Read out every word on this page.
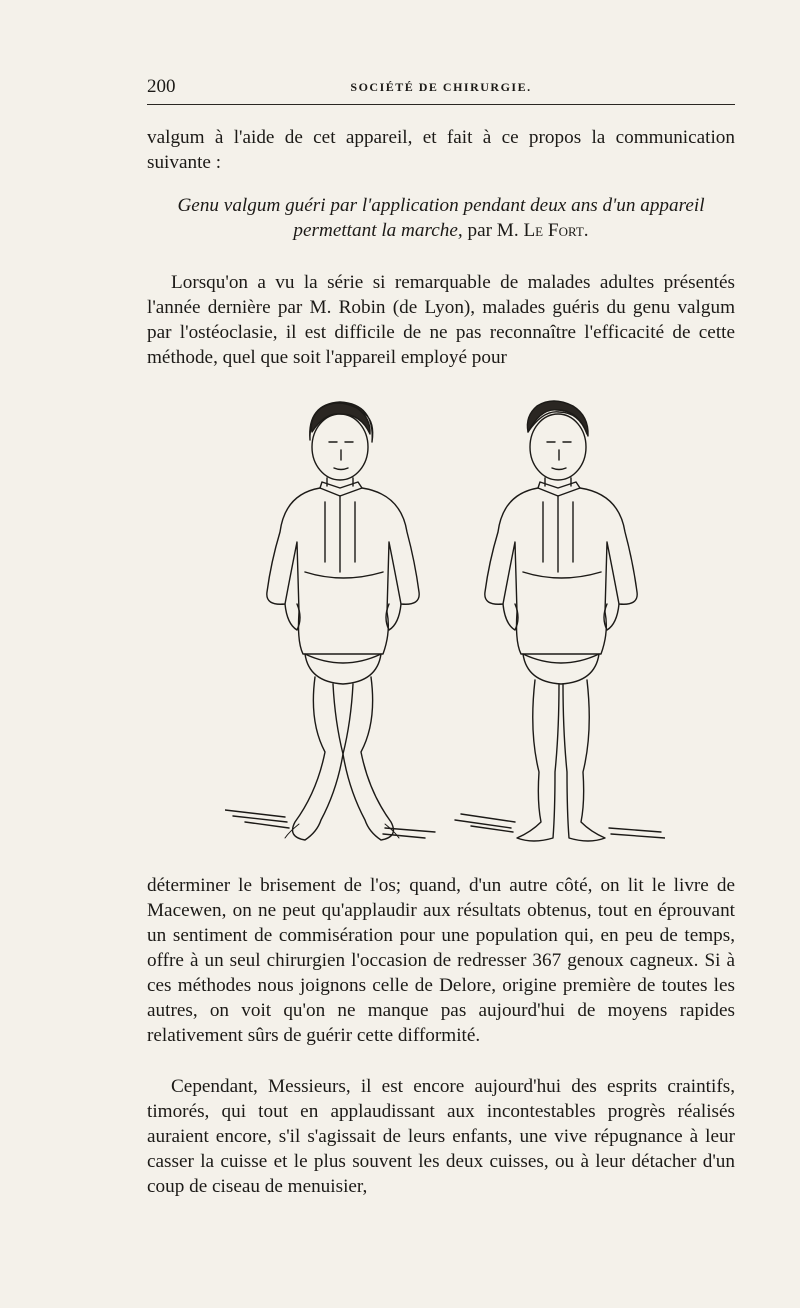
200	SOCIÉTÉ DE CHIRURGIE.
valgum à l'aide de cet appareil, et fait à ce propos la communication suivante :
Genu valgum guéri par l'application pendant deux ans d'un appareil permettant la marche, par M. Le Fort.
Lorsqu'on a vu la série si remarquable de malades adultes présentés l'année dernière par M. Robin (de Lyon), malades guéris du genu valgum par l'ostéoclasie, il est difficile de ne pas reconnaître l'efficacité de cette méthode, quel que soit l'appareil employé pour
déterminer le brisement de l'os; quand, d'un autre côté, on lit le livre de Macewen, on ne peut qu'applaudir aux résultats obtenus, tout en éprouvant un sentiment de commisération pour une population qui, en peu de temps, offre à un seul chirurgien l'occasion de redresser 367 genoux cagneux. Si à ces méthodes nous joignons celle de Delore, origine première de toutes les autres, on voit qu'on ne manque pas aujourd'hui de moyens rapides relativement sûrs de guérir cette difformité.
Cependant, Messieurs, il est encore aujourd'hui des esprits craintifs, timorés, qui tout en applaudissant aux incontestables progrès réalisés auraient encore, s'il s'agissait de leurs enfants, une vive répugnance à leur casser la cuisse et le plus souvent les deux cuisses, ou à leur détacher d'un coup de ciseau de menuisier,
